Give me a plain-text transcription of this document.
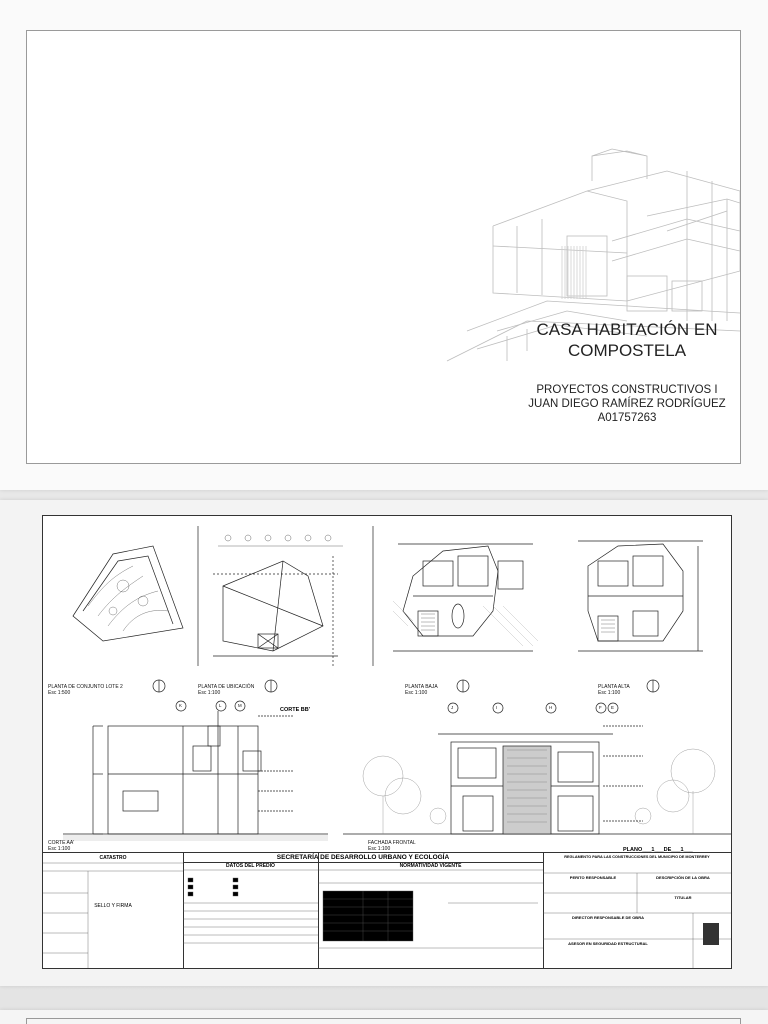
CASA HABITACIÓN EN
COMPOSTELA
PROYECTOS CONSTRUCTIVOS I
JUAN DIEGO RAMÍREZ RODRÍGUEZ
A01757263
K	L	M	J	I	H	F E
PLANTA DE CONJUNTO LOTE 2
Esc 1:500
PLANTA DE UBICACIÓN
Esc 1:100
PLANTA BAJA
Esc 1:100
PLANTA ALTA
Esc 1:100
CORTE BB'
CORTE AA'
Esc 1:100
FACHADA FRONTAL
Esc 1:100	PLANO___1___DE___1___
CATASTRO
SELLO Y FIRMA
DATOS DEL PREDIO	NORMATIVIDAD VIGENTE
SECRETARÍA DE DESARROLLO URBANO Y ECOLOGÍA	REGLAMENTO PARA LAS CONSTRUCCIONES DEL MUNICIPIO DE MONTERREY
PERITO RESPONSABLE	DESCRIPCIÓN DE LA OBRA
TITULAR
DIRECTOR RESPONSABLE DE OBRA
ASESOR EN SEGURIDAD ESTRUCTURAL
